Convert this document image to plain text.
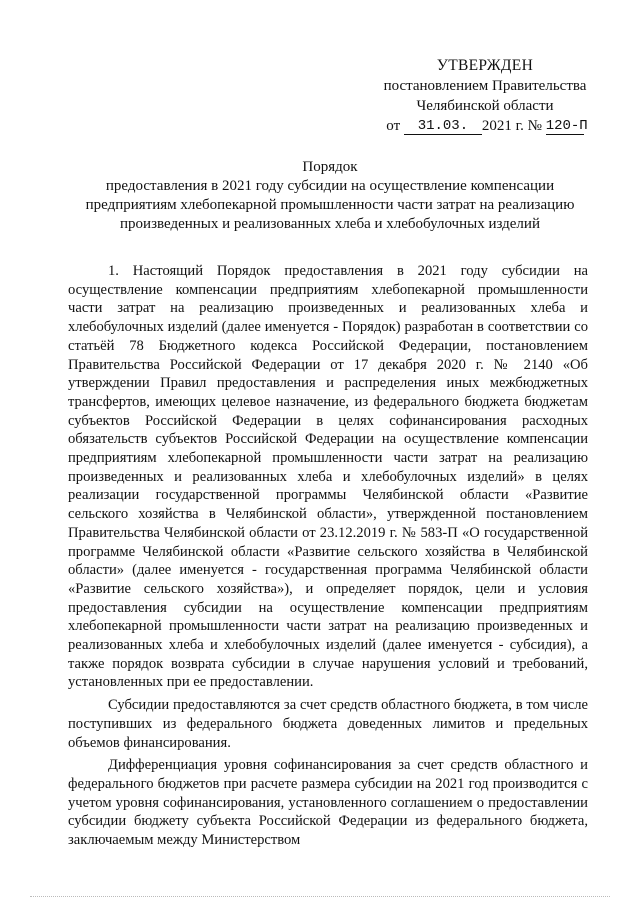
УТВЕРЖДЕН
постановлением Правительства
Челябинской области
от 31.03. 2021 г. № 120-П
Порядок
предоставления в 2021 году субсидии на осуществление компенсации предприятиям хлебопекарной промышленности части затрат на реализацию произведенных и реализованных хлеба и хлебобулочных изделий

1. Настоящий Порядок предоставления в 2021 году субсидии на осуществление компенсации предприятиям хлебопекарной промышленности части затрат на реализацию произведенных и реализованных хлеба и хлебобулочных изделий (далее именуется - Порядок) разработан в соответствии со статьёй 78 Бюджетного кодекса Российской Федерации, постановлением Правительства Российской Федерации от 17 декабря 2020 г. № 2140 «Об утверждении Правил предоставления и распределения иных межбюджетных трансфертов, имеющих целевое назначение, из федерального бюджета бюджетам субъектов Российской Федерации в целях софинансирования расходных обязательств субъектов Российской Федерации на осуществление компенсации предприятиям хлебопекарной промышленности части затрат на реализацию произведенных и реализованных хлеба и хлебобулочных изделий» в целях реализации государственной программы Челябинской области «Развитие сельского хозяйства в Челябинской области», утвержденной постановлением Правительства Челябинской области от 23.12.2019 г. № 583-П «О государственной программе Челябинской области «Развитие сельского хозяйства в Челябинской области» (далее именуется - государственная программа Челябинской области «Развитие сельского хозяйства»), и определяет порядок, цели и условия предоставления субсидии на осуществление компенсации предприятиям хлебопекарной промышленности части затрат на реализацию произведенных и реализованных хлеба и хлебобулочных изделий (далее именуется - субсидия), а также порядок возврата субсидии в случае нарушения условий и требований, установленных при ее предоставлении.

Субсидии предоставляются за счет средств областного бюджета, в том числе поступивших из федерального бюджета доведенных лимитов и предельных объемов финансирования.

Дифференциация уровня софинансирования за счет средств областного и федерального бюджетов при расчете размера субсидии на 2021 год производится с учетом уровня софинансирования, установленного соглашением о предоставлении субсидии бюджету субъекта Российской Федерации из федерального бюджета, заключаемым между Министерством
